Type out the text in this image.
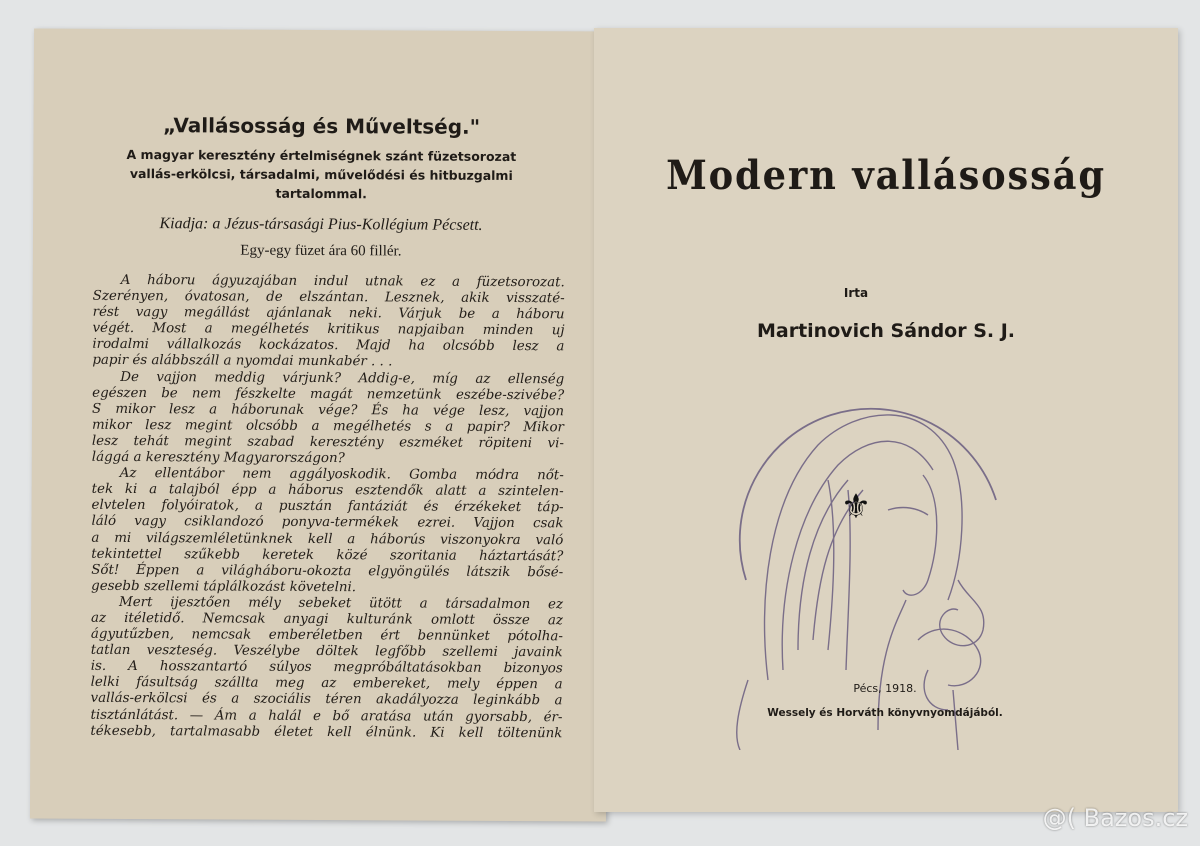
„Vallásosság és Műveltség."
A magyar keresztény értelmiségnek szánt füzetsorozat
vallás-erkölcsi, társadalmi, művelődési és hitbuzgalmi
tartalommal.
Kiadja: a Jézus-társasági Pius-Kollégium Pécsett.
Egy-egy füzet ára 60 fillér.
A háboru ágyuzajában indul utnak ez a füzetsorozat.
Szerényen, óvatosan, de elszántan. Lesznek, akik visszaté-
rést vagy megállást ajánlanak neki. Várjuk be a háboru
végét. Most a megélhetés kritikus napjaiban minden uj
irodalmi vállalkozás kockázatos. Majd ha olcsóbb lesz a
papir és alábbszáll a nyomdai munkabér . . .
De vajjon meddig várjunk? Addig-e, míg az ellenség
egészen be nem fészkelte magát nemzetünk eszébe-szivébe?
S mikor lesz a háborunak vége? És ha vége lesz, vajjon
mikor lesz megint olcsóbb a megélhetés s a papir? Mikor
lesz tehát megint szabad keresztény eszméket röpiteni vi-
lággá a keresztény Magyarországon?
Az ellentábor nem aggályoskodik. Gomba módra nőt-
tek ki a talajból épp a háborus esztendők alatt a szintelen-
elvtelen folyóiratok, a pusztán fantáziát és érzékeket táp-
láló vagy csiklandozó ponyva-termékek ezrei. Vajjon csak
a mi világszemléletünknek kell a háborús viszonyokra való
tekintettel szűkebb keretek közé szoritania háztartását?
Sőt! Éppen a világháboru-okozta elgyöngülés látszik bősé-
gesebb szellemi táplálkozást követelni.
Mert ijesztően mély sebeket ütött a társadalmon ez
az itéletidő. Nemcsak anyagi kulturánk omlott össze az
ágyutűzben, nemcsak emberéletben ért bennünket pótolha-
tatlan veszteség. Veszélybe döltek legfőbb szellemi javaink
is. A hosszantartó súlyos megpróbáltatásokban bizonyos
lelki fásultság szállta meg az embereket, mely éppen a
vallás-erkölcsi és a szociális téren akadályozza leginkább a
tisztánlátást. — Ám a halál e bő aratása után gyorsabb, ér-
tékesebb, tartalmasabb életet kell élnünk. Ki kell töltenünk
Modern vallásosság
Irta
Martinovich Sándor S. J.
⚜
Pécs, 1918.
Wessely és Horváth könyvnyomdájából.
@( Bazos.cz
